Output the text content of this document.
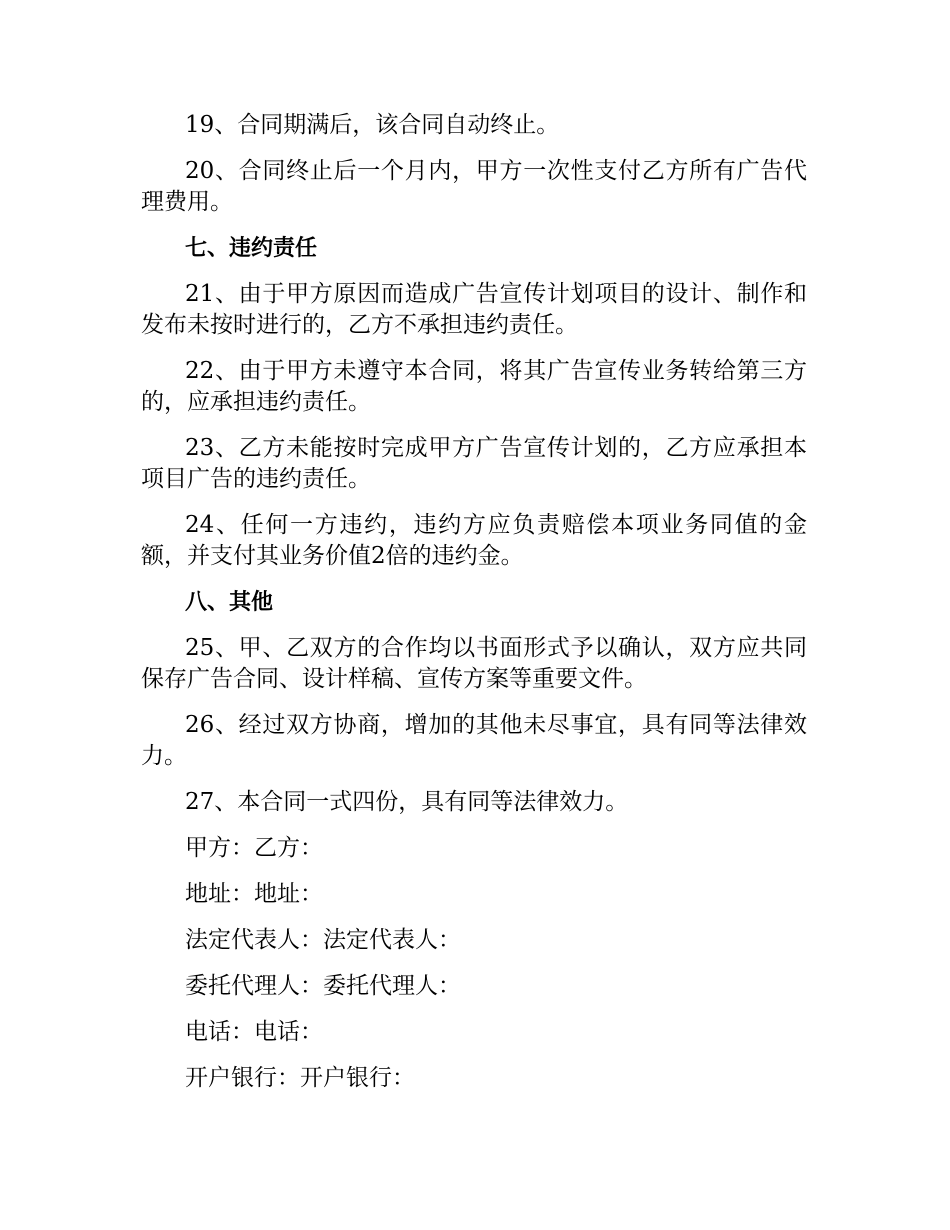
19、合同期满后，该合同自动终止。

20、合同终止后一个月内，甲方一次性支付乙方所有广告代理费用。

七、违约责任

21、由于甲方原因而造成广告宣传计划项目的设计、制作和发布未按时进行的，乙方不承担违约责任。

22、由于甲方未遵守本合同，将其广告宣传业务转给第三方的，应承担违约责任。

23、乙方未能按时完成甲方广告宣传计划的，乙方应承担本项目广告的违约责任。

24、任何一方违约，违约方应负责赔偿本项业务同值的金额，并支付其业务价值2倍的违约金。

八、其他

25、甲、乙双方的合作均以书面形式予以确认，双方应共同保存广告合同、设计样稿、宣传方案等重要文件。

26、经过双方协商，增加的其他未尽事宜，具有同等法律效力。

27、本合同一式四份，具有同等法律效力。

甲方：乙方：

地址：地址：

法定代表人：法定代表人：

委托代理人：委托代理人：

电话：电话：

开户银行：开户银行：
